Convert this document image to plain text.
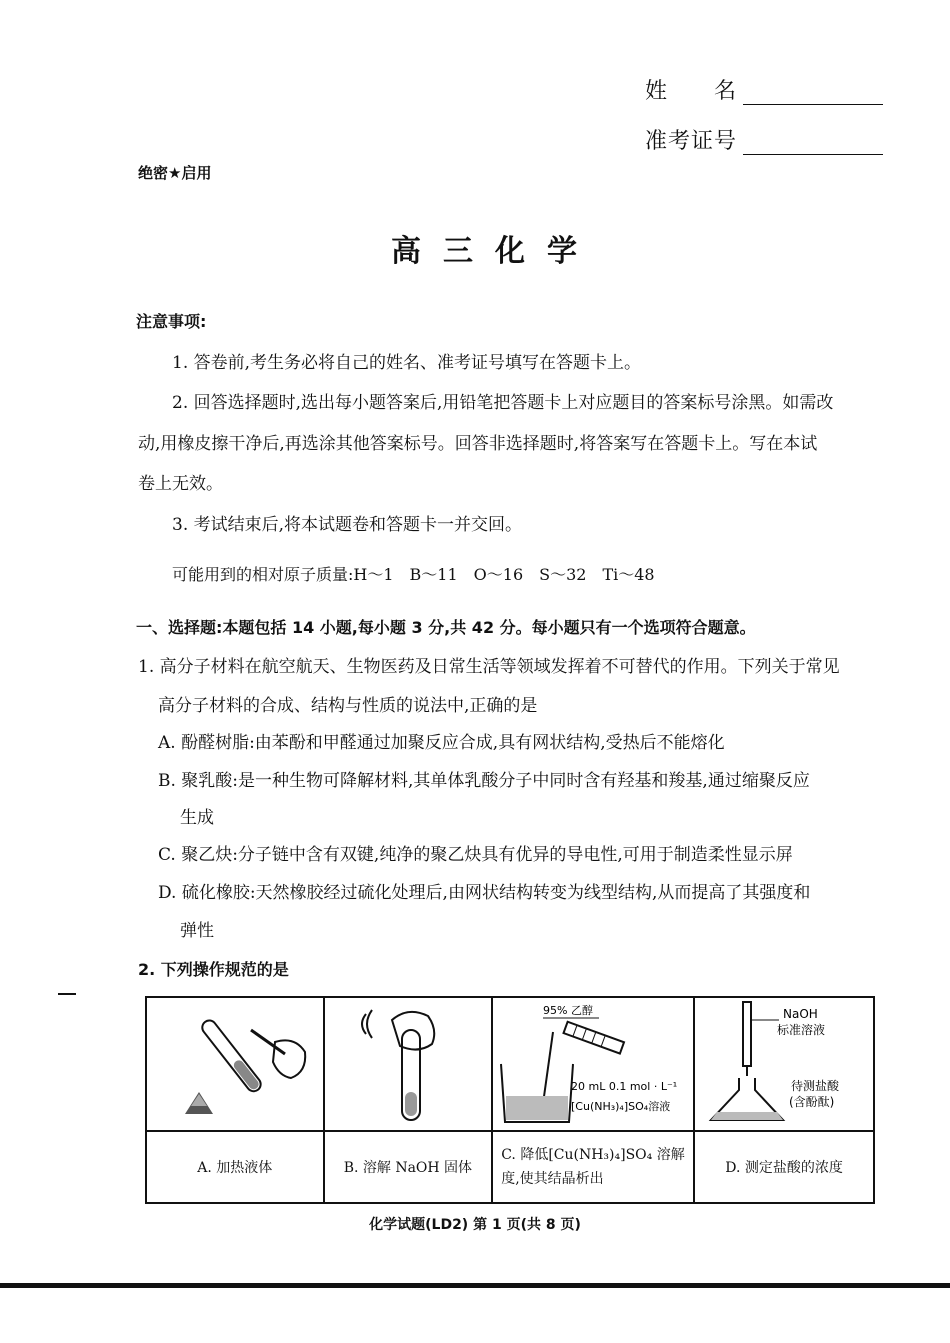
姓　　名
准考证号
绝密★启用
高三化学
注意事项:
1. 答卷前,考生务必将自己的姓名、准考证号填写在答题卡上。
2. 回答选择题时,选出每小题答案后,用铅笔把答题卡上对应题目的答案标号涂黑。如需改
动,用橡皮擦干净后,再选涂其他答案标号。回答非选择题时,将答案写在答题卡上。写在本试
卷上无效。
3. 考试结束后,将本试题卷和答题卡一并交回。
可能用到的相对原子质量:H～1　B～11　O～16　S～32　Ti～48
一、选择题:本题包括 14 小题,每小题 3 分,共 42 分。每小题只有一个选项符合题意。
1. 高分子材料在航空航天、生物医药及日常生活等领域发挥着不可替代的作用。下列关于常见
高分子材料的合成、结构与性质的说法中,正确的是
A. 酚醛树脂:由苯酚和甲醛通过加聚反应合成,具有网状结构,受热后不能熔化
B. 聚乳酸:是一种生物可降解材料,其单体乳酸分子中同时含有羟基和羧基,通过缩聚反应
生成
C. 聚乙炔:分子链中含有双键,纯净的聚乙炔具有优异的导电性,可用于制造柔性显示屏
D. 硫化橡胶:天然橡胶经过硫化处理后,由网状结构转变为线型结构,从而提高了其强度和
弹性
2. 下列操作规范的是

95% 乙醇
20 mL 0.1 mol · L⁻¹
[Cu(NH₃)₄]SO₄溶液	NaOH
标准溶液
待测盐酸
(含酚酞)

A. 加热液体	B. 溶解 NaOH 固体	C. 降低[Cu(NH₃)₄]SO₄ 溶解
度,使其结晶析出	D. 测定盐酸的浓度
化学试题(LD2) 第 1 页(共 8 页)
